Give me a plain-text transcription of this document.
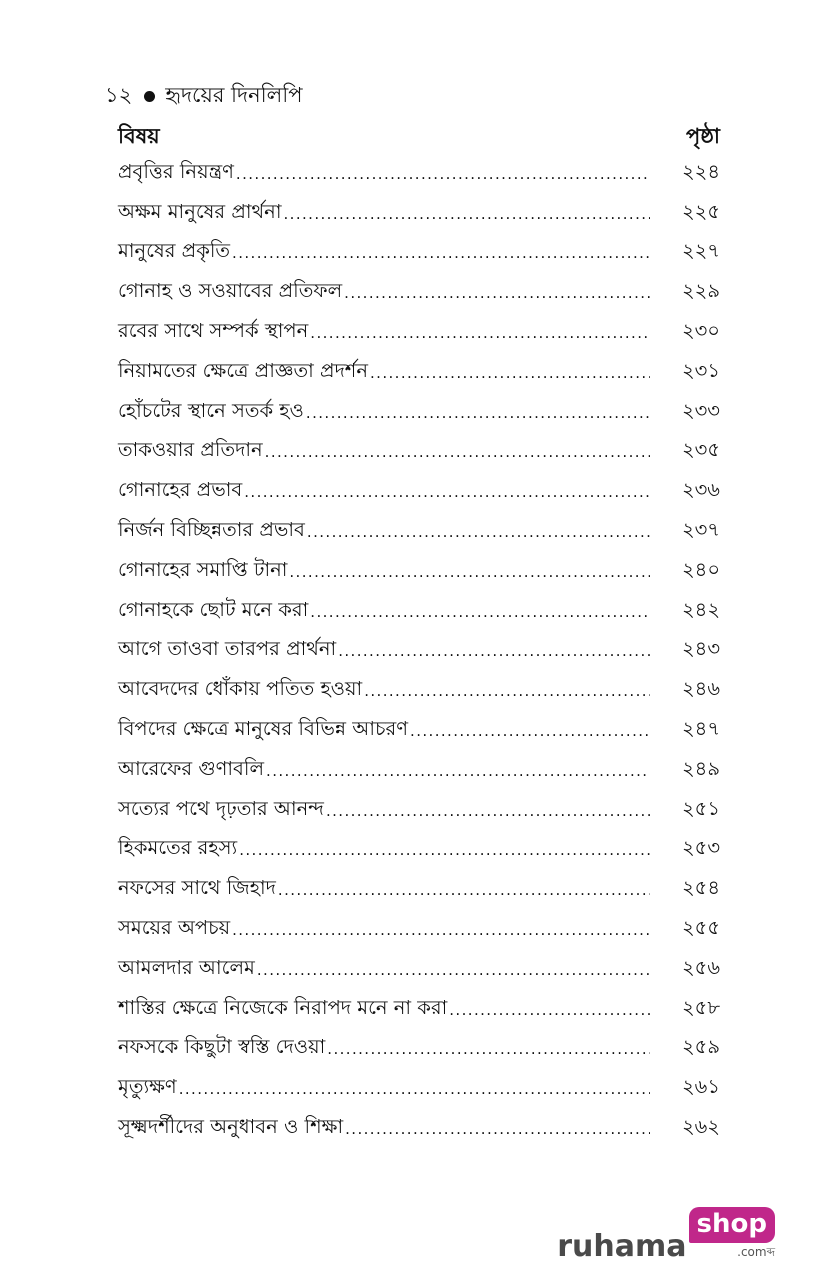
১২ হৃদয়ের দিনলিপি
বিষয়	পৃষ্ঠা
প্রবৃত্তির নিয়ন্ত্রণ .....	২২৪
অক্ষম মানুষের প্রার্থনা .....	২২৫
মানুষের প্রকৃতি .....	২২৭
গোনাহ ও সওয়াবের প্রতিফল .....	২২৯
রবের সাথে সম্পর্ক স্থাপন .....	২৩০
নিয়ামতের ক্ষেত্রে প্রাজ্ঞতা প্রদর্শন .....	২৩১
হোঁচটের স্থানে সতর্ক হও .....	২৩৩
তাকওয়ার প্রতিদান .....	২৩৫
গোনাহের প্রভাব .....	২৩৬
নির্জন বিচ্ছিন্নতার প্রভাব .....	২৩৭
গোনাহের সমাপ্তি টানা .....	২৪০
গোনাহকে ছোট মনে করা .....	২৪২
আগে তাওবা তারপর প্রার্থনা .....	২৪৩
আবেদদের ধোঁকায় পতিত হওয়া .....	২৪৬
বিপদের ক্ষেত্রে মানুষের বিভিন্ন আচরণ .....	২৪৭
আরেফের গুণাবলি .....	২৪৯
সত্যের পথে দৃঢ়তার আনন্দ .....	২৫১
হিকমতের রহস্য .....	২৫৩
নফসের সাথে জিহাদ .....	২৫৪
সময়ের অপচয় .....	২৫৫
আমলদার আলেম .....	২৫৬
শাস্তির ক্ষেত্রে নিজেকে নিরাপদ মনে না করা .....	২৫৮
নফসকে কিছুটা স্বস্তি দেওয়া .....	২৫৯
মৃত্যুক্ষণ .....	২৬১
সূক্ষ্মদর্শীদের অনুধাবন ও শিক্ষা .....	২৬২
ruhama
shop
.comব্দ
